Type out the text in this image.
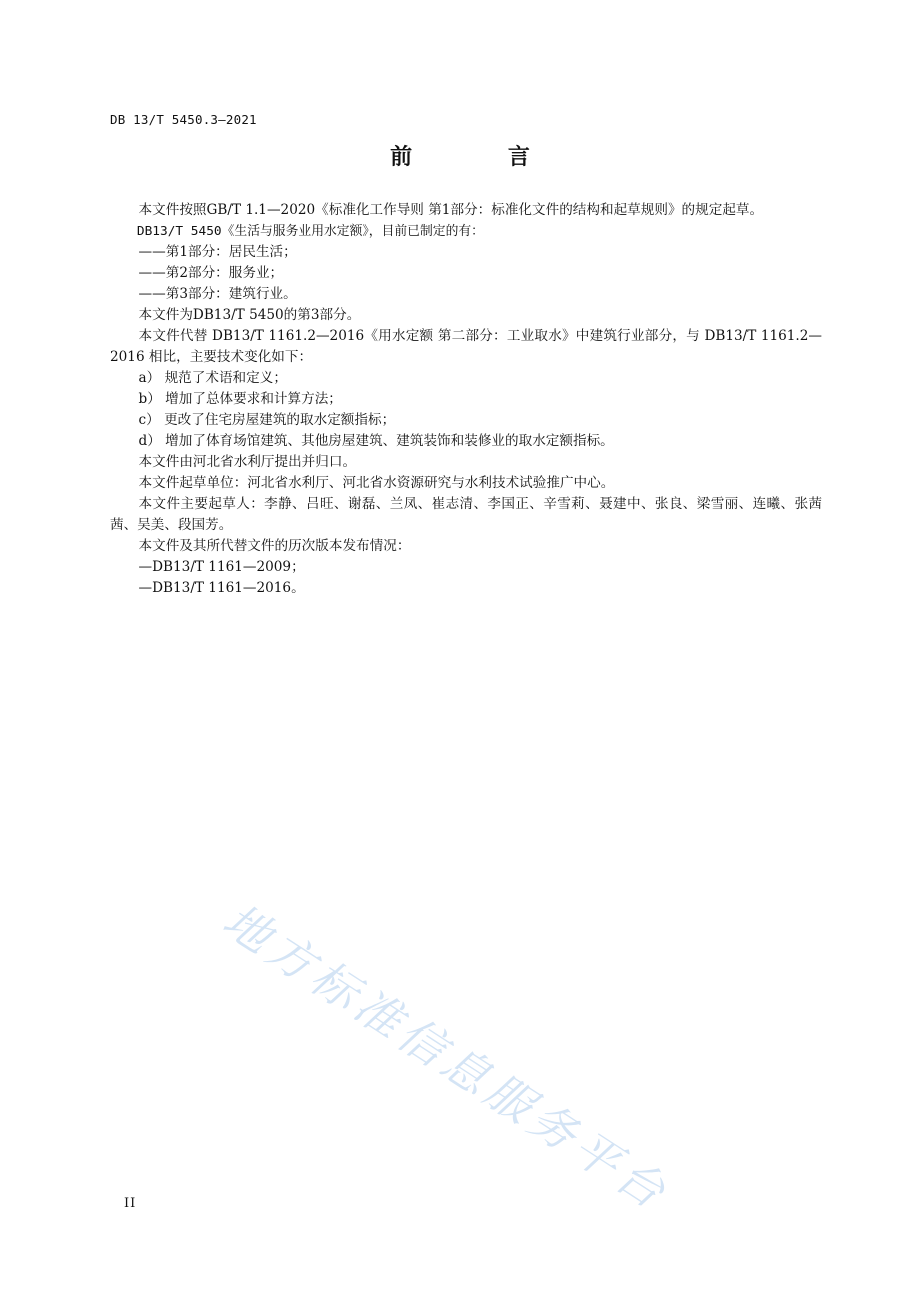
DB 13/T 5450.3—2021
前 言

本文件按照GB/T 1.1—2020《标准化工作导则 第1部分：标准化文件的结构和起草规则》的规定起草。

DB13/T 5450《生活与服务业用水定额》，目前已制定的有：

——第1部分：居民生活；

——第2部分：服务业；

——第3部分：建筑行业。

本文件为DB13/T 5450的第3部分。

本文件代替 DB13/T 1161.2—2016《用水定额 第二部分：工业取水》中建筑行业部分，与 DB13/T 1161.2—2016 相比，主要技术变化如下：

a） 规范了术语和定义；

b） 增加了总体要求和计算方法；

c） 更改了住宅房屋建筑的取水定额指标；

d） 增加了体育场馆建筑、其他房屋建筑、建筑装饰和装修业的取水定额指标。

本文件由河北省水利厅提出并归口。

本文件起草单位：河北省水利厅、河北省水资源研究与水利技术试验推广中心。

本文件主要起草人：李静、吕旺、谢磊、兰凤、崔志清、李国正、辛雪莉、聂建中、张良、梁雪丽、连曦、张茜茜、吴美、段国芳。

本文件及其所代替文件的历次版本发布情况：

—DB13/T 1161—2009；

—DB13/T 1161—2016。

地方标准信息服务平台
II
